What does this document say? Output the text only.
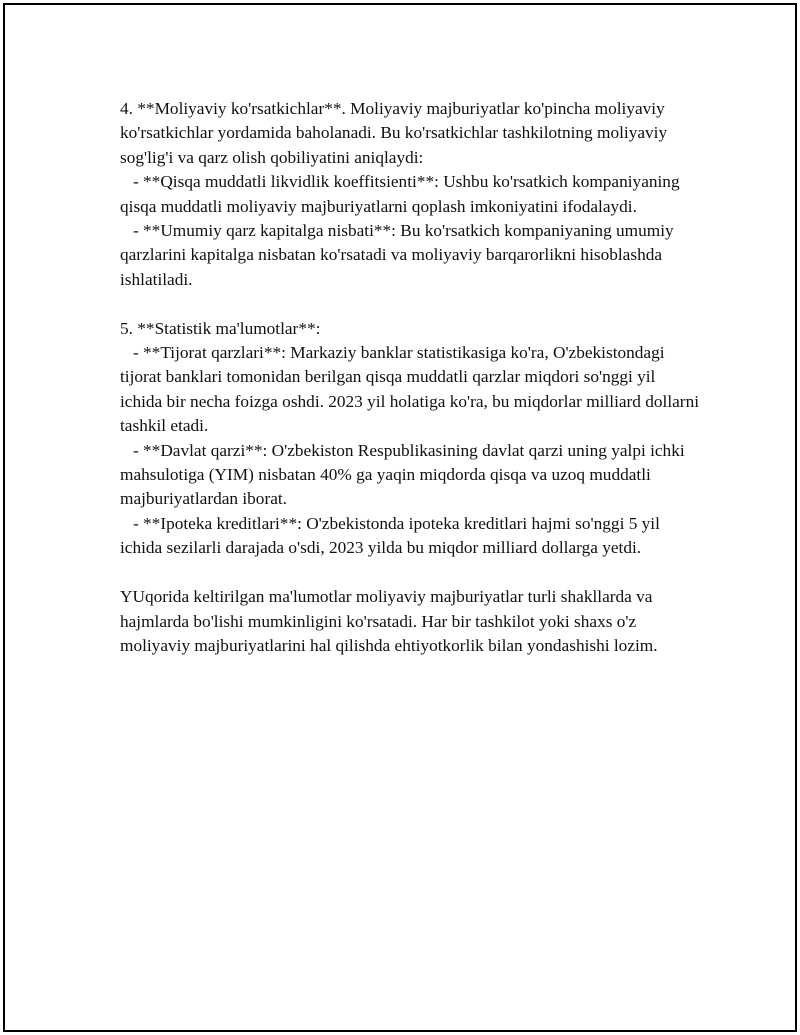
4. **Moliyaviy ko'rsatkichlar**. Moliyaviy majburiyatlar ko'pincha moliyaviy ko'rsatkichlar yordamida baholanadi. Bu ko'rsatkichlar tashkilotning moliyaviy sog'lig'i va qarz olish qobiliyatini aniqlaydi:

- **Qisqa muddatli likvidlik koeffitsienti**: Ushbu ko'rsatkich kompaniyaning qisqa muddatli moliyaviy majburiyatlarni qoplash imkoniyatini ifodalaydi.

- **Umumiy qarz kapitalga nisbati**: Bu ko'rsatkich kompaniyaning umumiy qarzlarini kapitalga nisbatan ko'rsatadi va moliyaviy barqarorlikni hisoblashda ishlatiladi.

5. **Statistik ma'lumotlar**:

- **Tijorat qarzlari**: Markaziy banklar statistikasiga ko'ra, O'zbekistondagi tijorat banklari tomonidan berilgan qisqa muddatli qarzlar miqdori so'nggi yil ichida bir necha foizga oshdi. 2023 yil holatiga ko'ra, bu miqdorlar milliard dollarni tashkil etadi.

- **Davlat qarzi**: O'zbekiston Respublikasining davlat qarzi uning yalpi ichki mahsulotiga (YIM) nisbatan 40% ga yaqin miqdorda qisqa va uzoq muddatli majburiyatlardan iborat.

- **Ipoteka kreditlari**: O'zbekistonda ipoteka kreditlari hajmi so'nggi 5 yil ichida sezilarli darajada o'sdi, 2023 yilda bu miqdor milliard dollarga yetdi.

YUqorida keltirilgan ma'lumotlar moliyaviy majburiyatlar turli shakllarda va hajmlarda bo'lishi mumkinligini ko'rsatadi. Har bir tashkilot yoki shaxs o'z moliyaviy majburiyatlarini hal qilishda ehtiyotkorlik bilan yondashishi lozim.
